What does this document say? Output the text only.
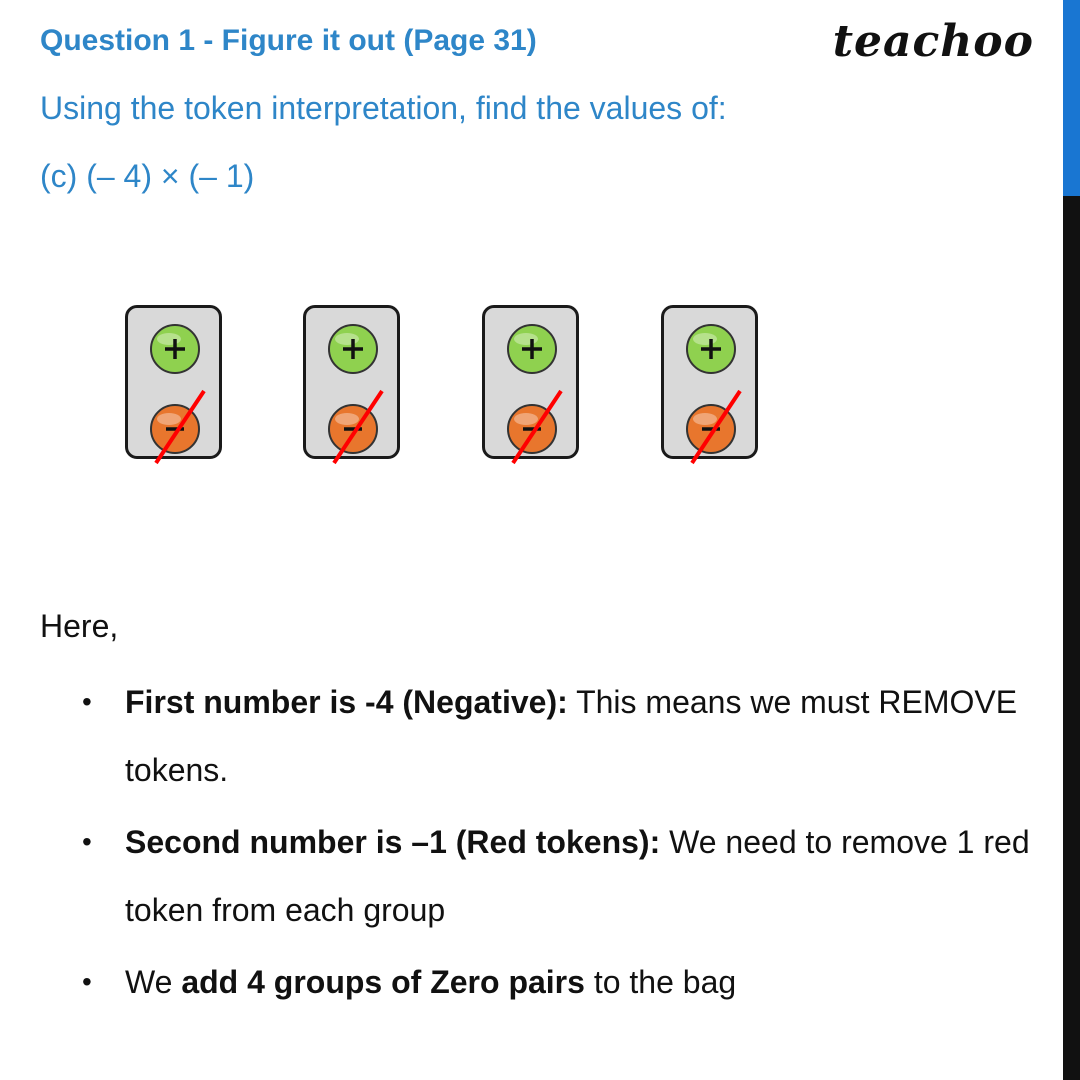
Question 1 - Figure it out (Page 31)	teachoo
Using the token interpretation, find the values of:
(c) (– 4) × (– 1)
Here,
• First number is -4 (Negative): This means we must REMOVE tokens.
• Second number is –1 (Red tokens): We need to remove 1 red token from each group
• We add 4 groups of Zero pairs to the bag
